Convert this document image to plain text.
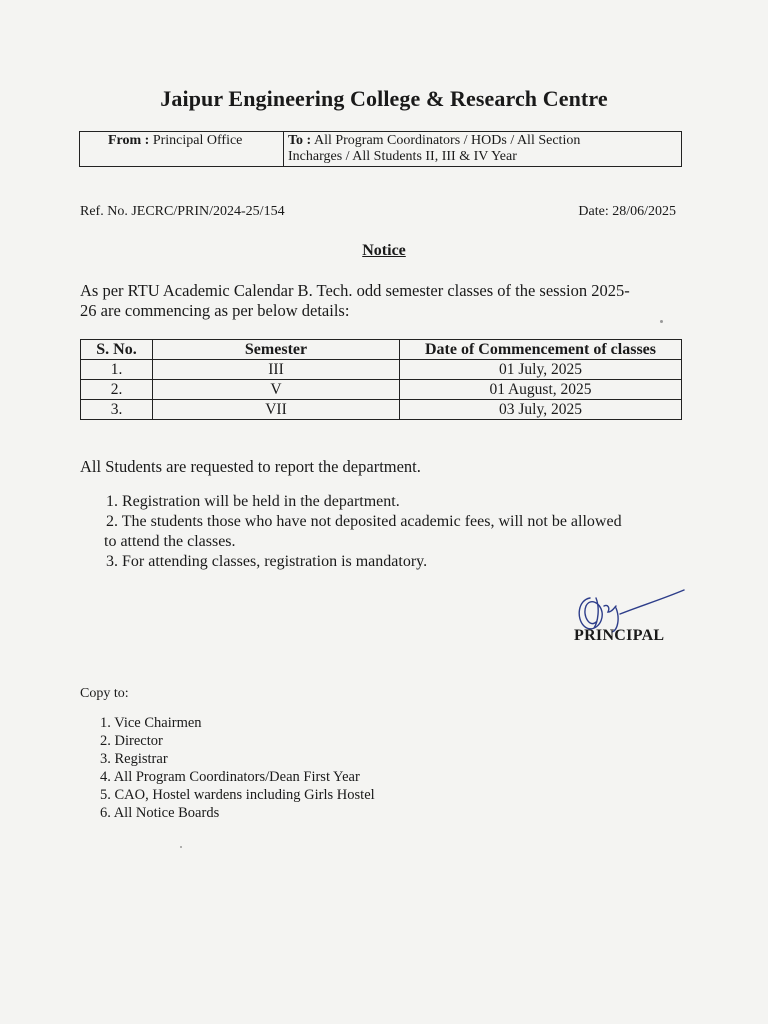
Jaipur Engineering College & Research Centre
From : Principal Office	To : All Program Coordinators / HODs / All Section
Incharges / All Students II, III & IV Year
Ref. No. JECRC/PRIN/2024-25/154	Date: 28/06/2025
Notice
As per RTU Academic Calendar B. Tech. odd semester classes of the session 2025-
26 are commencing as per below details:
S. No.	Semester	Date of Commencement of classes
1.	III	01 July, 2025
2.	V	01 August, 2025
3.	VII	03 July, 2025
All Students are requested to report the department.
1. Registration will be held in the department.
2. The students those who have not deposited academic fees, will not be allowed
to attend the classes.
3. For attending classes, registration is mandatory.
PRINCIPAL
Copy to:
1. Vice Chairmen
2. Director
3. Registrar
4. All Program Coordinators/Dean First Year
5. CAO, Hostel wardens including Girls Hostel
6. All Notice Boards
